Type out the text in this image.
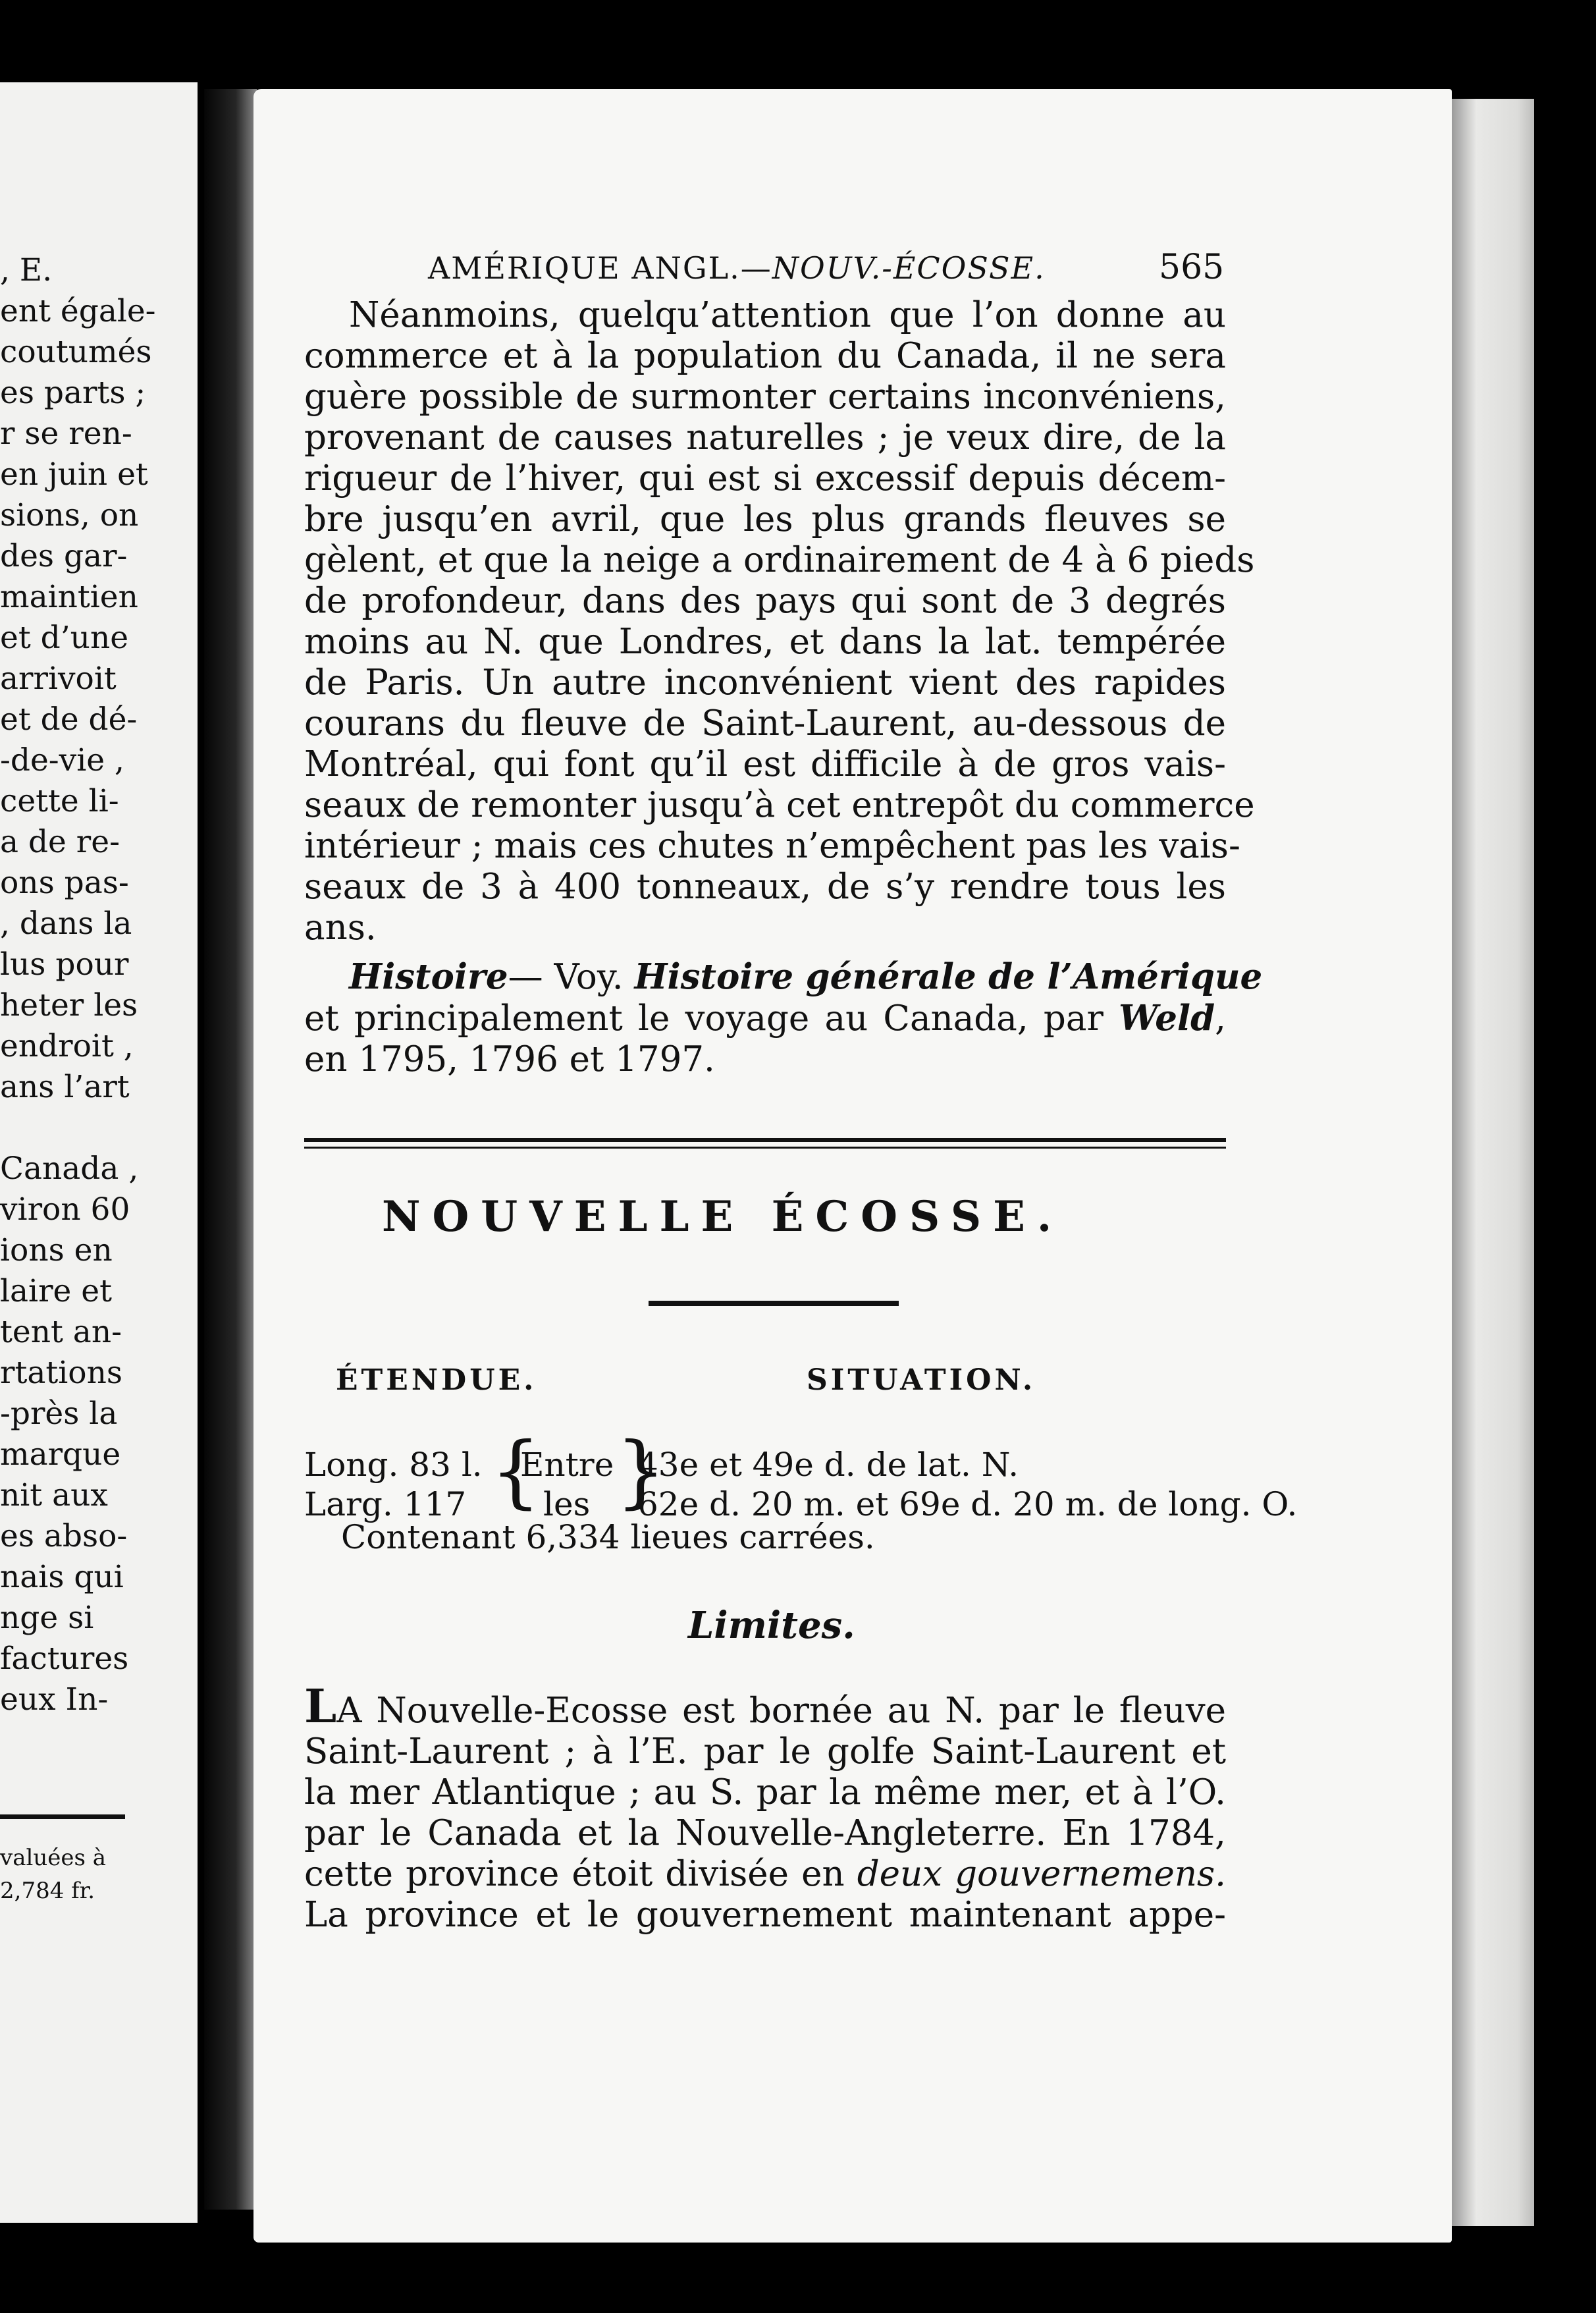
, E.
ent égale-
coutumés
es parts ;
r se ren-
en juin et
sions, on
des gar-
maintien
et d’une
arrivoit
et de dé-
-de-vie ,
cette li-
a de re-
ons pas-
, dans la
lus pour
heter les
endroit ,
ans l’art
Canada ,
viron 60
ions en
laire et
tent an-
rtations
-près la
marque
nit aux
es abso-
nais qui
nge si
factures
eux In-
valuées à
2,784 fr.
AMÉRIQUE ANGL.—NOUV.-ÉCOSSE.	565
Néanmoins, quelqu’attention que l’on donne au
commerce et à la population du Canada, il ne sera
guère possible de surmonter certains inconvéniens,
provenant de causes naturelles ; je veux dire, de la
rigueur de l’hiver, qui est si excessif depuis décem-
bre jusqu’en avril, que les plus grands fleuves se
gèlent, et que la neige a ordinairement de 4 à 6 pieds
de profondeur, dans des pays qui sont de 3 degrés
moins au N. que Londres, et dans la lat. tempérée
de Paris. Un autre inconvénient vient des rapides
courans du fleuve de Saint-Laurent, au-dessous de
Montréal, qui font qu’il est difficile à de gros vais-
seaux de remonter jusqu’à cet entrepôt du commerce
intérieur ; mais ces chutes n’empêchent pas les vais-
seaux de 3 à 400 tonneaux, de s’y rendre tous les
ans.
Histoire— Voy. Histoire générale de l’Amérique
et principalement le voyage au Canada, par Weld,
en 1795, 1796 et 1797.
NOUVELLE ÉCOSSE.
ÉTENDUE.	SITUATION.
Long. 83 l.
Larg. 117 {
Entre
les }
43e et 49e d. de lat. N.
62e d. 20 m. et 69e d. 20 m. de long. O.
Contenant 6,334 lieues carrées.
Limites.
LA Nouvelle-Ecosse est bornée au N. par le fleuve
Saint-Laurent ; à l’E. par le golfe Saint-Laurent et
la mer Atlantique ; au S. par la même mer, et à l’O.
par le Canada et la Nouvelle-Angleterre. En 1784,
cette province étoit divisée en deux gouvernemens.
La province et le gouvernement maintenant appe-
